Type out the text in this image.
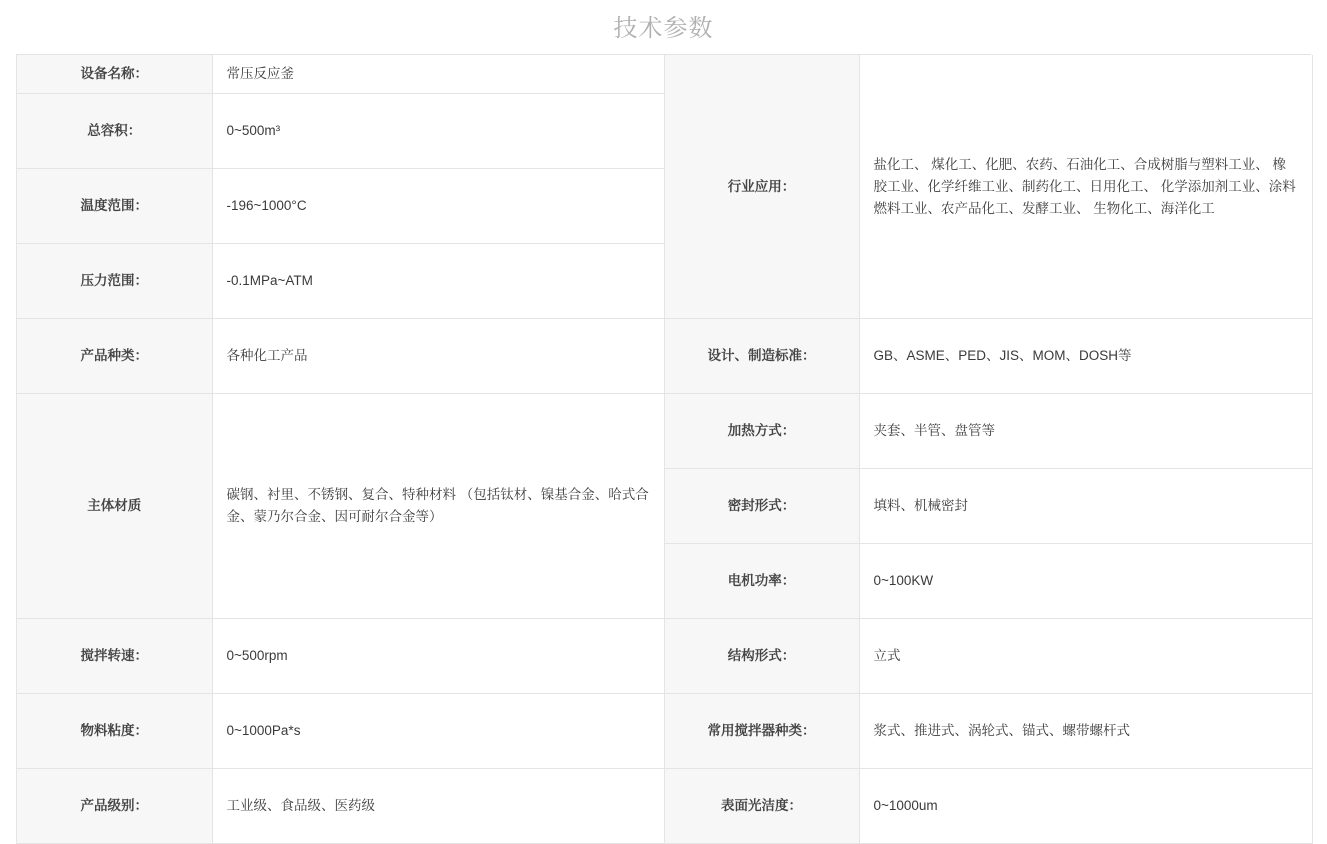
技术参数
设备名称：	常压反应釜	行业应用：	盐化工、 煤化工、化肥、农药、石油化工、合成树脂与塑料工业、 橡胶工业、化学纤维工业、制药化工、日用化工、 化学添加剂工业、涂料燃料工业、农产品化工、发酵工业、 生物化工、海洋化工
总容积：	0~500m³		
温度范围：	-196~1000°C		
压力范围：	-0.1MPa~ATM		
产品种类：	各种化工产品	设计、制造标准：	GB、ASME、PED、JIS、MOM、DOSH等
主体材质	碳钢、衬里、不锈钢、复合、特种材料 （包括钛材、镍基合金、哈式合金、蒙乃尔合金、因可耐尔合金等）	加热方式：	夹套、半管、盘管等
		密封形式：	填料、机械密封
		电机功率：	0~100KW
搅拌转速：	0~500rpm	结构形式：	立式
物料粘度：	0~1000Pa*s	常用搅拌器种类：	浆式、推进式、涡轮式、锚式、螺带螺杆式
产品级别：	工业级、食品级、医药级	表面光洁度：	0~1000um
